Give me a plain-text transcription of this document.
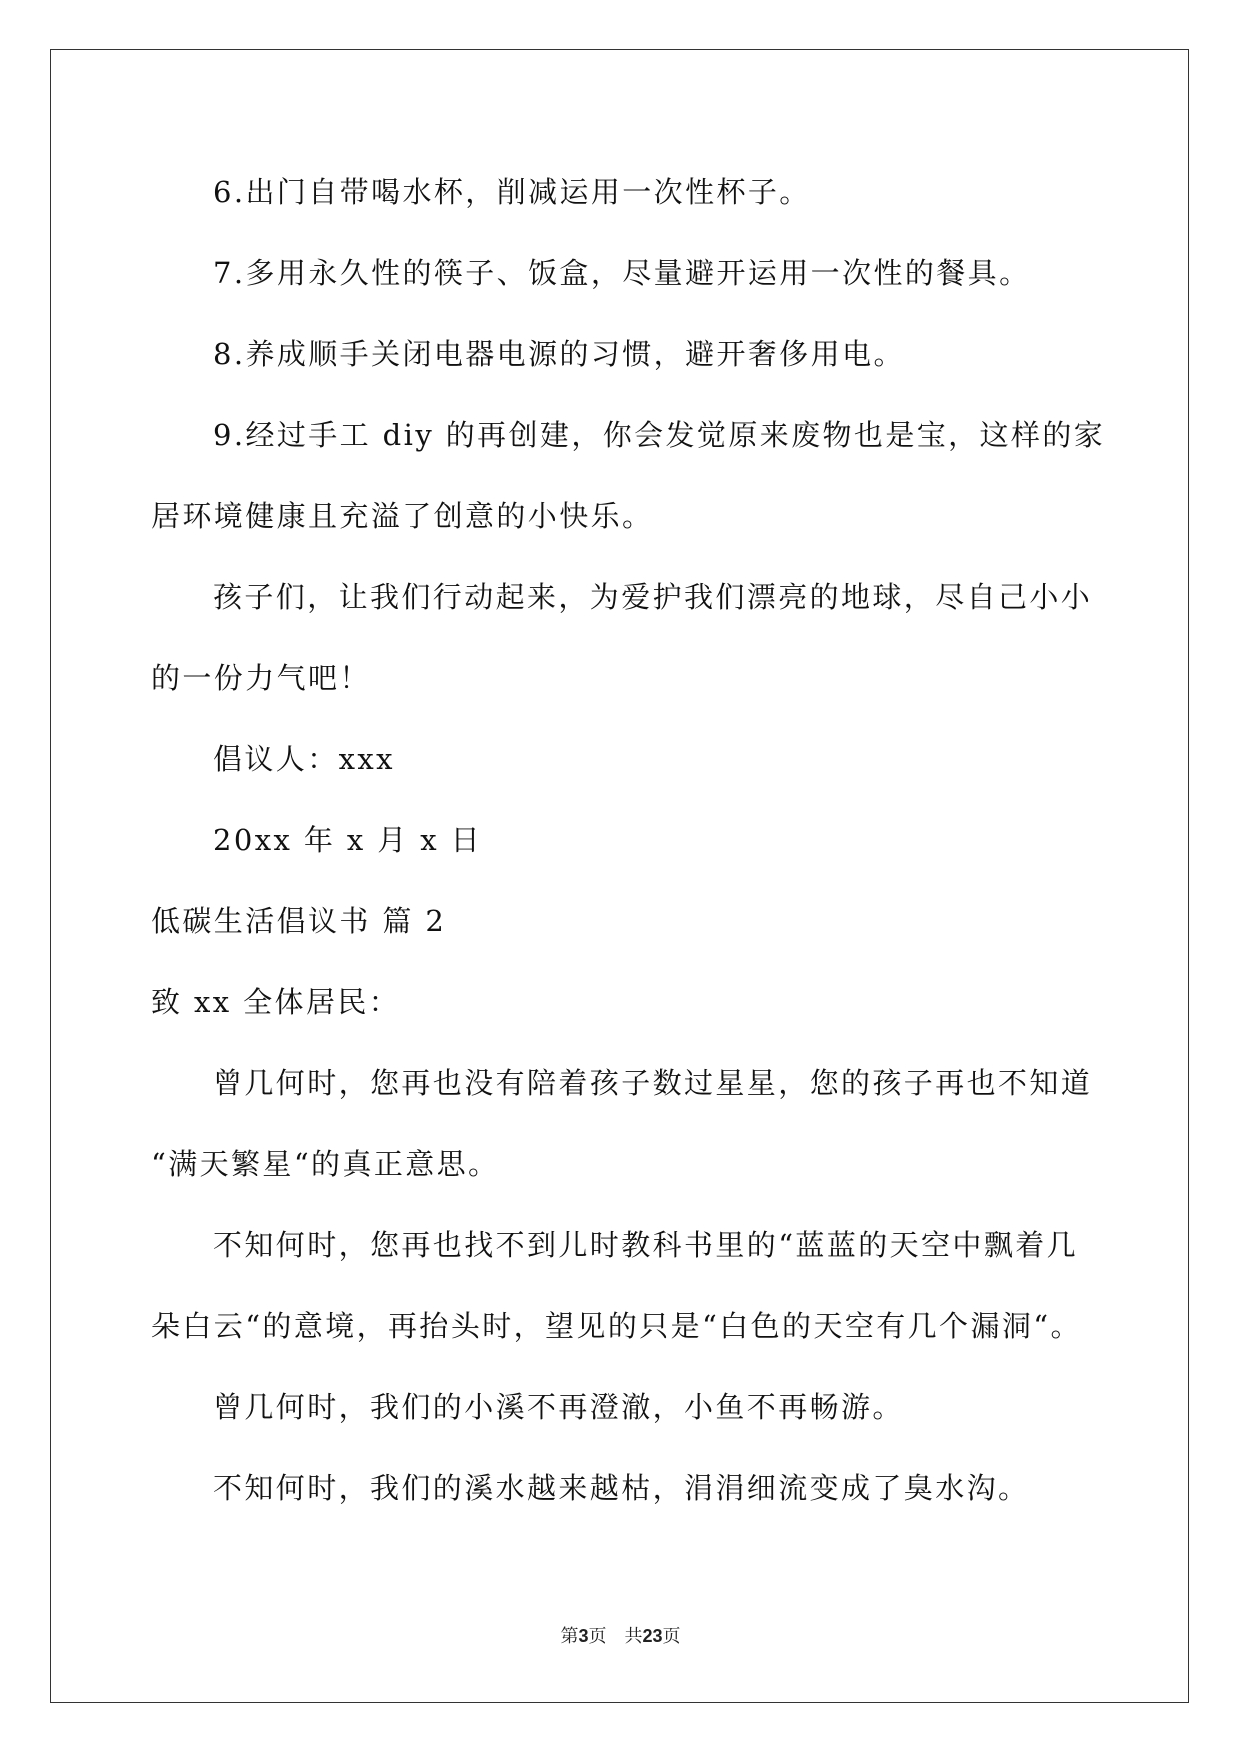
6.出门自带喝水杯，削减运用一次性杯子。
7.多用永久性的筷子、饭盒，尽量避开运用一次性的餐具。
8.养成顺手关闭电器电源的习惯，避开奢侈用电。
9.经过手工 diy 的再创建，你会发觉原来废物也是宝，这样的家
居环境健康且充溢了创意的小快乐。
孩子们，让我们行动起来，为爱护我们漂亮的地球，尽自己小小
的一份力气吧！
倡议人：xxx
20xx 年 x 月 x 日
低碳生活倡议书 篇 2
致 xx 全体居民：
曾几何时，您再也没有陪着孩子数过星星，您的孩子再也不知道
“满天繁星“的真正意思。
不知何时，您再也找不到儿时教科书里的“蓝蓝的天空中飘着几
朵白云“的意境，再抬头时，望见的只是“白色的天空有几个漏洞“。
曾几何时，我们的小溪不再澄澈，小鱼不再畅游。
不知何时，我们的溪水越来越枯，涓涓细流变成了臭水沟。
第3页 共23页
